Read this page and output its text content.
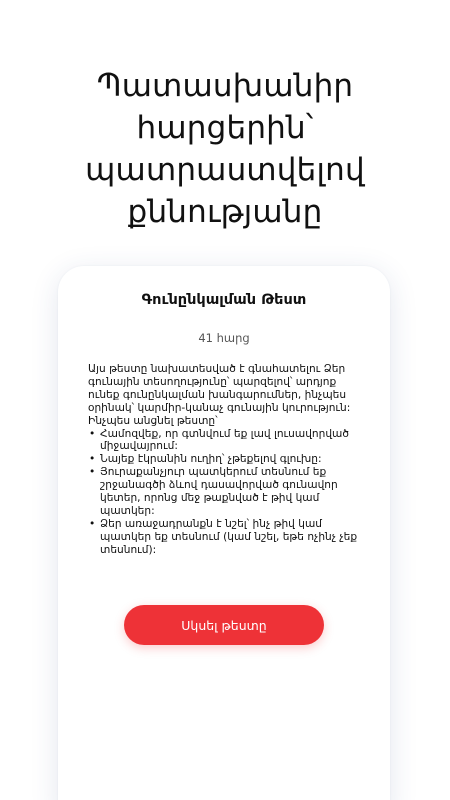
Պատասխանիր
հարցերին՝
պատրաստվելով
քննությանը
Գունընկալման Թեստ
41 հարց

Այս թեստը նախատեսված է գնահատելու Ձեր գունային տեսողությունը՝ պարզելով՝ արդյոք ունեք գունընկալման խանգարումներ, ինչպես օրինակ՝ կարմիր-կանաչ գունային կուրություն: Ինչպես անցնել թեստը՝

• Համոզվեք, որ գտնվում եք լավ լուսավորված միջավայրում:
• Նայեք էկրանին ուղիղ՝ չթեքելով գլուխը:
• Յուրաքանչյուր պատկերում տեսնում եք շրջանագծի ձևով դասավորված գունավոր կետեր, որոնց մեջ թաքնված է թիվ կամ պատկեր:
• Ձեր առաջադրանքն է նշել՝ ինչ թիվ կամ պատկեր եք տեսնում (կամ նշել, եթե ոչինչ չեք տեսնում):
Սկսել թեստը
